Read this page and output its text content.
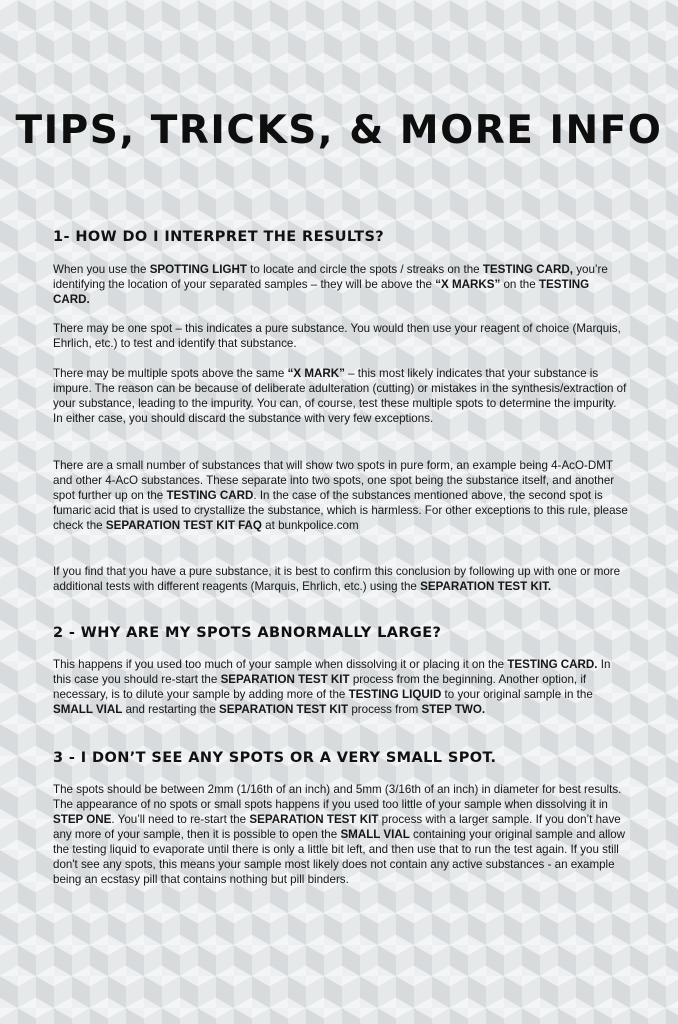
TIPS, TRICKS, & MORE INFO
1- HOW DO I INTERPRET THE RESULTS?

When you use the SPOTTING LIGHT to locate and circle the spots / streaks on the TESTING CARD, you’re identifying the location of your separated samples – they will be above the “X MARKS” on the TESTING CARD.

There may be one spot – this indicates a pure substance. You would then use your reagent of choice (Marquis, Ehrlich, etc.) to test and identify that substance.

There may be multiple spots above the same “X MARK” – this most likely indicates that your substance is impure. The reason can be because of deliberate adulteration (cutting) or mistakes in the synthesis/extraction of your substance, leading to the impurity. You can, of course, test these multiple spots to determine the impurity. In either case, you should discard the substance with very few exceptions.

There are a small number of substances that will show two spots in pure form, an example being 4-AcO-DMT and other 4-AcO substances. These separate into two spots, one spot being the substance itself, and another spot further up on the TESTING CARD. In the case of the substances mentioned above, the second spot is fumaric acid that is used to crystallize the substance, which is harmless. For other exceptions to this rule, please check the SEPARATION TEST KIT FAQ at bunkpolice.com

If you find that you have a pure substance, it is best to confirm this conclusion by following up with one or more additional tests with different reagents (Marquis, Ehrlich, etc.) using the SEPARATION TEST KIT.

2 - WHY ARE MY SPOTS ABNORMALLY LARGE?

This happens if you used too much of your sample when dissolving it or placing it on the TESTING CARD. In this case you should re-start the SEPARATION TEST KIT process from the beginning. Another option, if necessary, is to dilute your sample by adding more of the TESTING LIQUID to your original sample in the SMALL VIAL and restarting the SEPARATION TEST KIT process from STEP TWO.

3 - I DON’T SEE ANY SPOTS OR A VERY SMALL SPOT.

The spots should be between 2mm (1/16th of an inch) and 5mm (3/16th of an inch) in diameter for best results. The appearance of no spots or small spots happens if you used too little of your sample when dissolving it in STEP ONE. You’ll need to re-start the SEPARATION TEST KIT process with a larger sample. If you don’t have any more of your sample, then it is possible to open the SMALL VIAL containing your original sample and allow the testing liquid to evaporate until there is only a little bit left, and then use that to run the test again. If you still don't see any spots, this means your sample most likely does not contain any active substances - an example being an ecstasy pill that contains nothing but pill binders.
